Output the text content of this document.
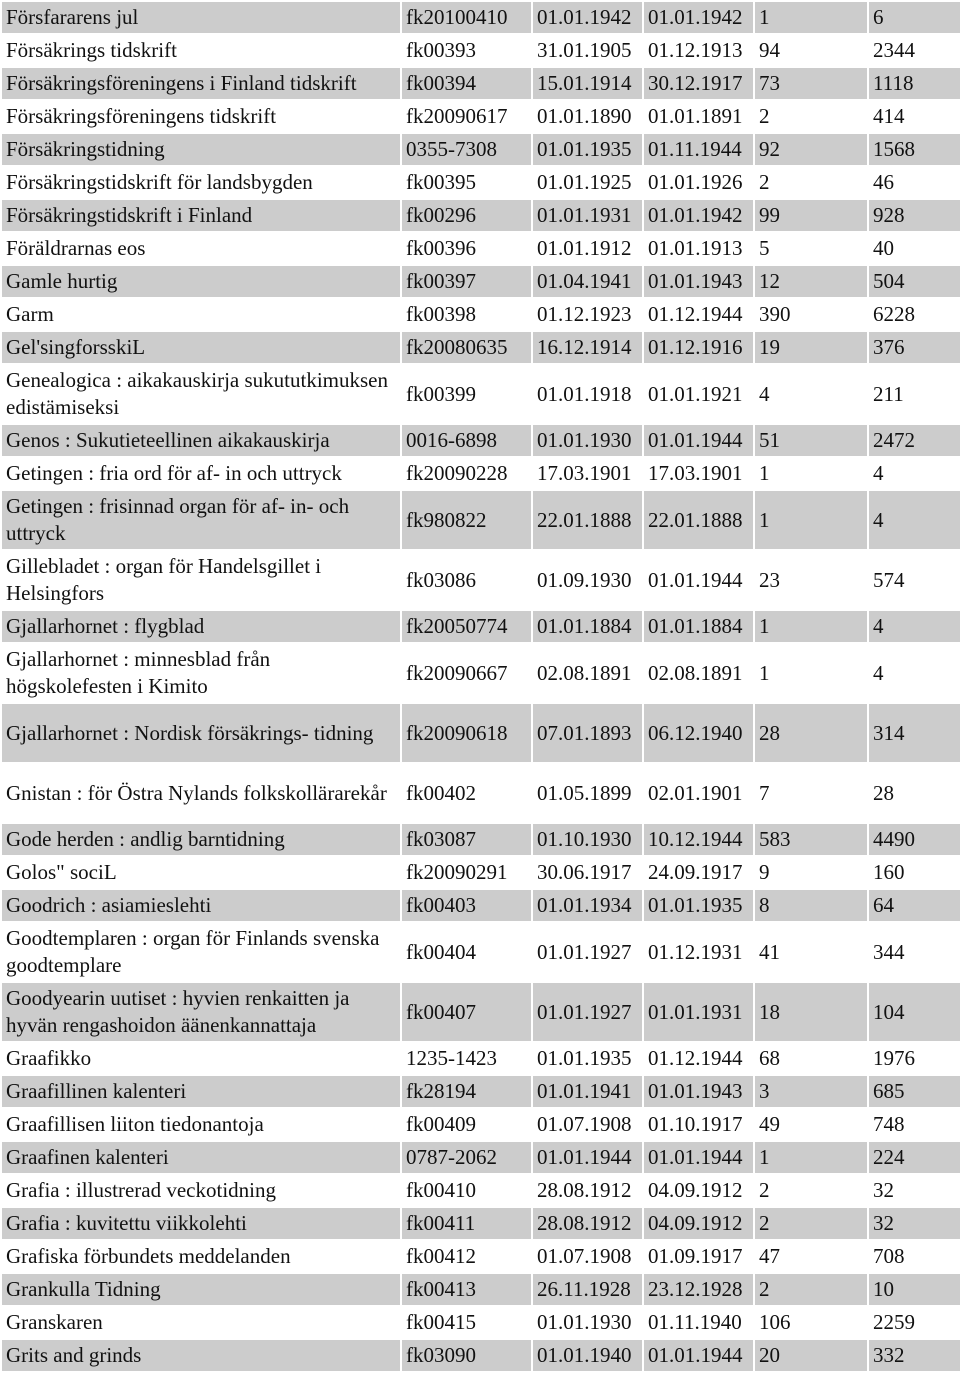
Försfararens jul	fk20100410	01.01.1942	01.01.1942	1	6
Försäkrings tidskrift	fk00393	31.01.1905	01.12.1913	94	2344
Försäkringsföreningens i Finland tidskrift	fk00394	15.01.1914	30.12.1917	73	1118
Försäkringsföreningens tidskrift	fk20090617	01.01.1890	01.01.1891	2	414
Försäkringstidning	0355-7308	01.01.1935	01.11.1944	92	1568
Försäkringstidskrift för landsbygden	fk00395	01.01.1925	01.01.1926	2	46
Försäkringstidskrift i Finland	fk00296	01.01.1931	01.01.1942	99	928
Föräldrarnas eos	fk00396	01.01.1912	01.01.1913	5	40
Gamle hurtig	fk00397	01.04.1941	01.01.1943	12	504
Garm	fk00398	01.12.1923	01.12.1944	390	6228
Gel'singforsskiL	fk20080635	16.12.1914	01.12.1916	19	376
Genealogica : aikakauskirja sukututkimuksen edistämiseksi	fk00399	01.01.1918	01.01.1921	4	211
Genos : Sukutieteellinen aikakauskirja	0016-6898	01.01.1930	01.01.1944	51	2472
Getingen : fria ord för af- in och uttryck	fk20090228	17.03.1901	17.03.1901	1	4
Getingen : frisinnad organ för af- in- och uttryck	fk980822	22.01.1888	22.01.1888	1	4
Gillebladet : organ för Handelsgillet i Helsingfors	fk03086	01.09.1930	01.01.1944	23	574
Gjallarhornet : flygblad	fk20050774	01.01.1884	01.01.1884	1	4
Gjallarhornet : minnesblad från högskolefesten i Kimito	fk20090667	02.08.1891	02.08.1891	1	4
Gjallarhornet : Nordisk försäkrings- tidning	fk20090618	07.01.1893	06.12.1940	28	314
Gnistan : för Östra Nylands folkskollärarekår	fk00402	01.05.1899	02.01.1901	7	28
Gode herden : andlig barntidning	fk03087	01.10.1930	10.12.1944	583	4490
Golos" sociL	fk20090291	30.06.1917	24.09.1917	9	160
Goodrich : asiamieslehti	fk00403	01.01.1934	01.01.1935	8	64
Goodtemplaren : organ för Finlands svenska goodtemplare	fk00404	01.01.1927	01.12.1931	41	344
Goodyearin uutiset : hyvien renkaitten ja hyvän rengashoidon äänenkannattaja	fk00407	01.01.1927	01.01.1931	18	104
Graafikko	1235-1423	01.01.1935	01.12.1944	68	1976
Graafillinen kalenteri	fk28194	01.01.1941	01.01.1943	3	685
Graafillisen liiton tiedonantoja	fk00409	01.07.1908	01.10.1917	49	748
Graafinen kalenteri	0787-2062	01.01.1944	01.01.1944	1	224
Grafia : illustrerad veckotidning	fk00410	28.08.1912	04.09.1912	2	32
Grafia : kuvitettu viikkolehti	fk00411	28.08.1912	04.09.1912	2	32
Grafiska förbundets meddelanden	fk00412	01.07.1908	01.09.1917	47	708
Grankulla Tidning	fk00413	26.11.1928	23.12.1928	2	10
Granskaren	fk00415	01.01.1930	01.11.1940	106	2259
Grits and grinds	fk03090	01.01.1940	01.01.1944	20	332
